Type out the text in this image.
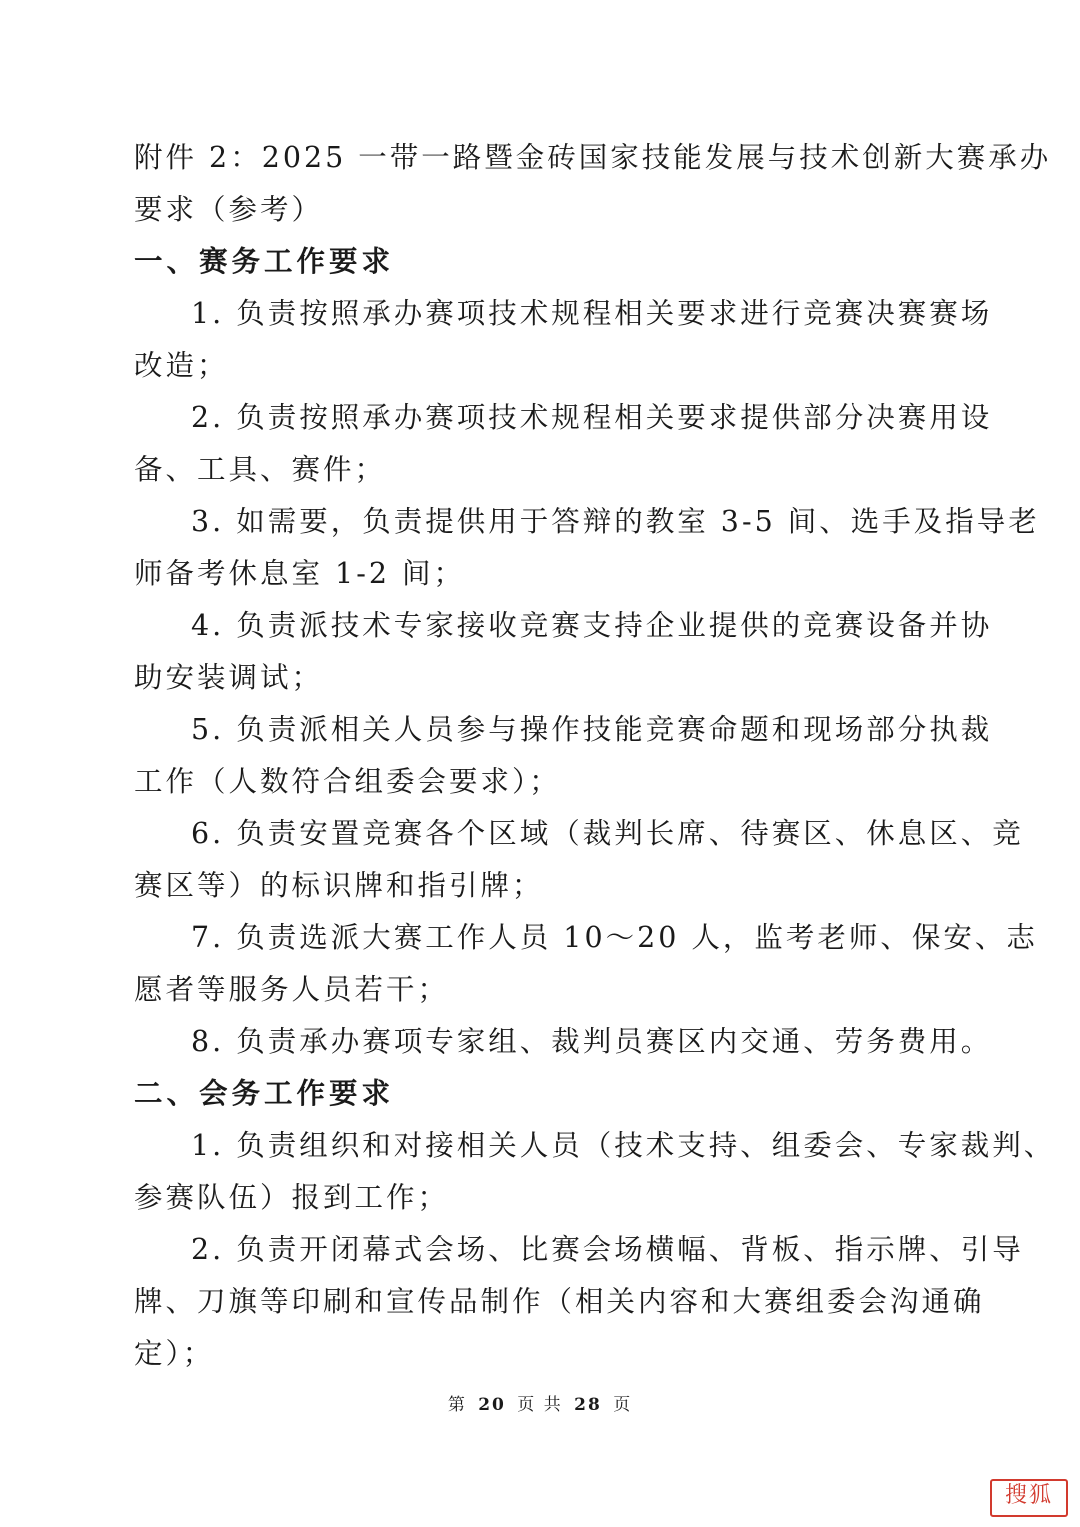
附件 2：2025 一带一路暨金砖国家技能发展与技术创新大赛承办
要求（参考）
一、赛务工作要求
1. 负责按照承办赛项技术规程相关要求进行竞赛决赛赛场
改造；
2. 负责按照承办赛项技术规程相关要求提供部分决赛用设
备、工具、赛件；
3. 如需要，负责提供用于答辩的教室 3-5 间、选手及指导老
师备考休息室 1-2 间；
4. 负责派技术专家接收竞赛支持企业提供的竞赛设备并协
助安装调试；
5. 负责派相关人员参与操作技能竞赛命题和现场部分执裁
工作（人数符合组委会要求）；
6. 负责安置竞赛各个区域（裁判长席、待赛区、休息区、竞
赛区等）的标识牌和指引牌；
7. 负责选派大赛工作人员 10～20 人，监考老师、保安、志
愿者等服务人员若干；
8. 负责承办赛项专家组、裁判员赛区内交通、劳务费用。
二、会务工作要求
1. 负责组织和对接相关人员（技术支持、组委会、专家裁判、
参赛队伍）报到工作；
2. 负责开闭幕式会场、比赛会场横幅、背板、指示牌、引导
牌、刀旗等印刷和宣传品制作（相关内容和大赛组委会沟通确
定）；
第 20 页 共 28 页
搜狐
